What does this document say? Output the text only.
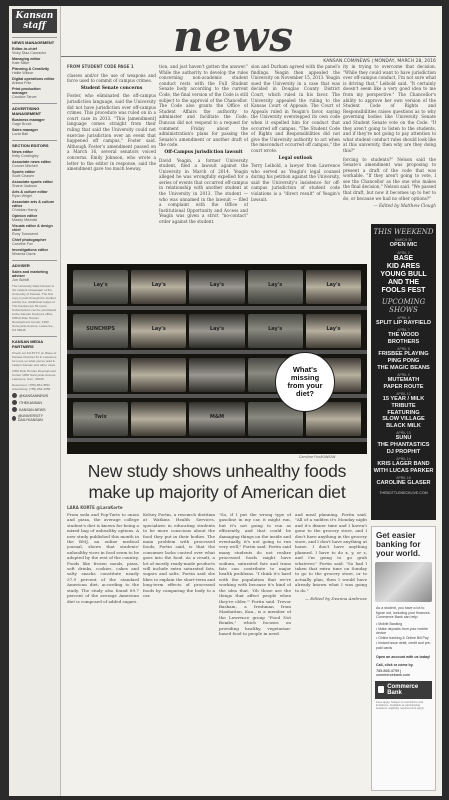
Kansan staff
NEWS MANAGEMENT
Editor-in-chief
Vicky Diaz-Camacho
Managing editor
Kate Miller
Planning & Creativity
Hallie Wilson
Digital operations editor
Anissa Fritz
Print production manager
Candice Tarver
ADVERTISING MANAGEMENT
Business manager
Gage Brock
Sales manager
Lucia Ball
SECTION EDITORS
News editor
Kelly Cordingley
Associate news editor
Conner Mitchell
Sports editor
Scott Chasen
Associate sports editor
Shane Jackson
Arts & culture editor
Ryan Wright
Associate arts & culture editor
Christian Hardy
Opinion editor
Maddy Mikinski
Visuals editor & design chief
Roxy Townsend
Chief photographer
Caroline Fox
Investigations editor
Miranda Davis
ADVISER
Sales and marketing adviser
Jon Schlitt
The University Daily Kansan is the student newspaper of the University of Kansas. The first copy is paid through the student activity fee. Additional copies of The Kansan are 50 cents. Subscriptions can be purchased at the Kansan business office, 2051A Dole Human Development Center, 1000 Sunnyside Avenue, Lawrence, KS 66045.
KANSAN MEDIA PARTNERS
Check out KUJH-TV on Wave of Kansas Channel 31 in Lawrence for more on what you've read in today's Kansan and other news.
2000 Dole Human Development Center 1000 Sunnyside Avenue Lawrence, Kan., 66045
Newsroom: (785)-864-4552 Advertising: (785) 864-4358
@KANSANNEWS
/THEKANSAN
KANSAN.NEWS
@UNIVERSITY DAILYKANSAN
news
KANSAN.COM/NEWS | MONDAY, MARCH 28, 2016
FROM STUDENT CODE PAGE 1

classes and/or the use of weapons and force used to commit of campus crimes.

Student Senate concerns

Foster, who eliminated the off-campus jurisdiction language, said the University did not have jurisdiction over off-campus crimes. This procedure was ruled on in a court case in 2013. "This [amendment] language comes straight from their ruling that said the University could not exercise jurisdiction over an event that happened off campus," Foster said. Although Foster's amendment passed on a March 16, several senators voiced concerns. Emily Johnson, who wrote a letter to the editor in response, said the amendment gave too much leeway.

tion, and just haven't gotten the answer." While the authority to develop the rules concerning non-academic student conduct rests with the Full Student Senate body according to the current Code, the final version of the Code is still subject to the approval of the Chancellor. The Code also grants the Office of Student Affairs the authority to administer and facilitate the Code. Duncan did not respond to a request for comment Friday about the administration's plans for passing the Senate's amendment or another draft of the code.

Off-Campus jurisdiction lawsuit

David Yeagin, a former University student, filed a lawsuit against the University in March of 2014. Yeagin alleged he was wrongfully expelled for a series of events that occurred off-campus in relationship with another student at the University in 2013. The student — who was unnamed in the lawsuit — filed a complaint with the Office of Institutional Opportunity and Access and Yeagin was given a strict "no-contact" order against the student.

sion and Durham agreed with the panel's findings. Yeagin then appealed the University on November 15, 2013. Yeagin sued the University in a case that was decided in Douglas County District Court, which ruled in his favor. The University appealed the ruling to the Kansas Court of Appeals. The Court of Appeals ruled in Yeagin's favor, saying the University overstepped its own code when it expelled him for conduct that occurred off campus. "The Student Code of Rights and Responsibilities did not give the University authority to act when the misconduct occurred off campus," the court wrote.

Legal outlook

Terry Leibold, a lawyer from Lawrence who served as Yeagin's legal counsel during his petition against the University, said the University's insistence for off-campus jurisdiction of student code violations is a "direct result" of Yeagin's lawsuit.

ity in trying to overcome that decision. "While they could want to have jurisdiction over off-campus conduct, I'm not sure what is driving that," Leibold said. "It certainly doesn't seem like a very good idea to me from my perspective." The Chancellor's ability to approve her own version of the Student Code of Rights and Responsibilities raises questions as to why governing bodies like University Senate and Student Senate vote on the Code. "If they aren't going to listen to the students, and if they're not going to pay attention to what student conduct rules should look like at this university, then why are they doing this?"

forcing to students?" Nelson said the Senate's amendment was proposing to present a draft of the code that was workable. "If they aren't going to vote, I see the Chancellor as the one who makes the final decision," Nelson said. "We passed that draft, but now it becomes up to her to do, or because we had no other options?"

— Edited by Matthew Clough

Lay's	Lay's	Lay's	Lay's	Lay's
SUNCHIPS	Lay's	Lay's	Lay's	Lay's
Twix	M&M
What's missing from your diet?
Caroline Fox/KANSAN
THIS WEEKEND
MARCH 30
OPEN MIC
APRIL 2
BASE
KID ARES
YOUNG BULL
AND THE
FOOLS FEST
UPCOMING SHOWS
APRIL 5
SPLIT LIP RAYFIELD
APRIL 7
THE WOOD BROTHERS
APRIL 8
FRISBEE PLAYING PING PONG
THE MAGIC BEANS
APRIL 9
MUTEMATH
PAPER ROUTE
APRIL 12
15 YEAR / MILK TRIBUTE
FEATURING
SLOW VILLAGE
BLACK MILK
APRIL 13
SUNU
THE PHANTASTICS
DJ PROPHIT
APRIL 14
KRIS LAGER BAND
WITH LUCAS PARKER
APRIL 15
CAROLINE GLASER
THEBOTTLENECKLIVE.COM
New study shows unhealthy foods make up majority of American diet
LARA KORTE @LaraKorte

From soda and Pop-Tarts to onion and pizza, the average college student's diet is known for being a mixed bag of unhealthy options. A new study published this month in the BMJ, an online medical journal, shows that students' unhealthy vices in food seem to be adopted by the rest of the country. Foods like frozen meals, pizza, soft drinks, cookies, cakes and salty snacks constitute nearly 57.9 percent of the standard American diet, according to the study. The study also found 89.7 percent of the average American diet is composed of added sugars.

Kelsey Fortin, a research dietitian at Watkins Health Services, specializes in educating students to be more conscious about the food they put in their bodies. The main problem with processed foods, Fortin said, is that the consumer lacks control over what goes into the food. As a result, a lot of mostly ready-made products will include extra saturated fats, sugars and salts. Fortin said she likes to explain the short-term and long-term effects of processed foods by comparing the body to a car.

"So, if I put the wrong type of gasoline in my car, it might run, but it's not going to run as efficiently, and that could be damaging things on the inside and eventually, it's not going to run very well," Fortin said. Fortin said many students do not realize processed foods might have sodium, saturated fats and trans fats can contribute to major health problems. "I think it's hard with the population that we're working with because it's kind of the idea that, 'Oh those are the things that affect people when they're older,'" Fortin said. Trevor Basham, a freshman from Manhattan, Kan., is a member of the Lawrence group "Food Not Bombs," which focuses on providing healthy, vegetarian-based food to people in need.

and meal planning, Fortin said. "All of a sudden it's Monday night and it's dinner time and I haven't gone to the grocery store, and I don't have anything in the grocery store, and I don't have anything at home. I don't have anything planned. I have to do x, y, or z, and I'm going to go grab whatever," Fortin said. "So had I taken that extra time on Sunday to go to the grocery store, or to actually plan, then I would have already known what I was going to do."

— Edited by Deanna Ambrose

Get easier banking for your world.
As a student, you have a lot to figure out, including your finances. Commerce Bank can help:
• Mobile Banking
• Make deposits from your mobile device
• Online banking & Online Bill Pay
• Instant issue debit, credit and pre-paid cards
Open an account with us today!
Call, click or come by.
785.865.4799 | commercebank.com
Commerce Bank
Fees apply. Subject to restrictions and limitations. Available at participating locations; eligibility requirements apply.
